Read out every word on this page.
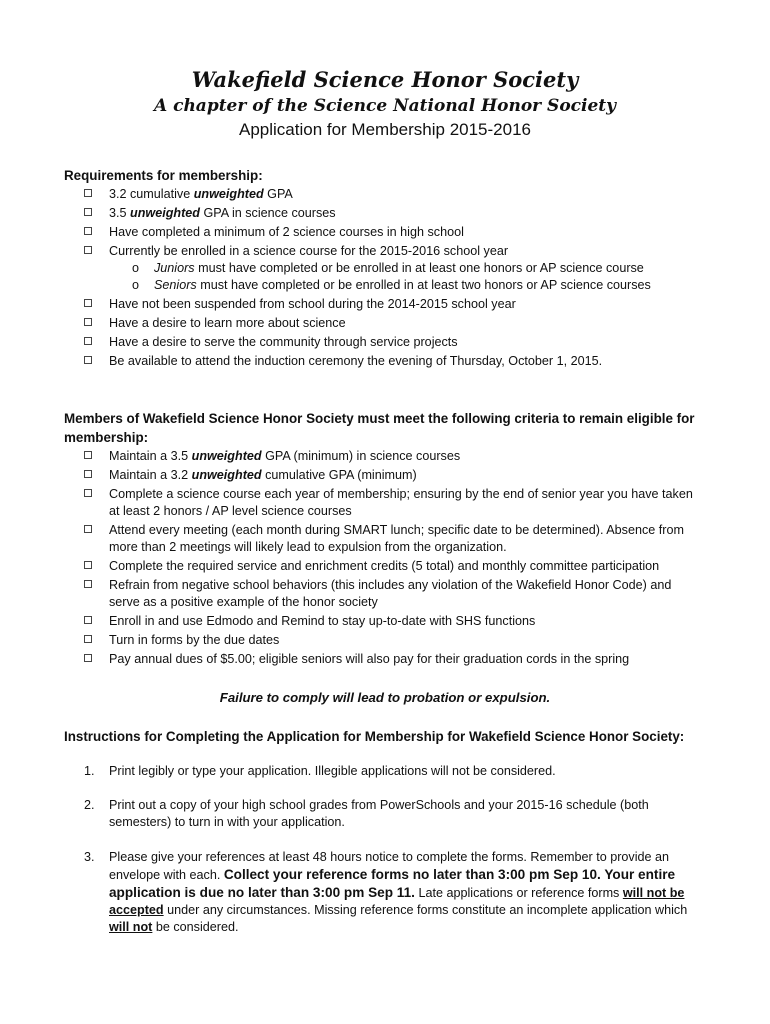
Wakefield Science Honor Society

A chapter of the Science National Honor Society

Application for Membership 2015-2016

Requirements for membership:
3.2 cumulative unweighted GPA
3.5 unweighted GPA in science courses
Have completed a minimum of 2 science courses in high school
Currently be enrolled in a science course for the 2015-2016 school year
o Juniors must have completed or be enrolled in at least one honors or AP science course
o Seniors must have completed or be enrolled in at least two honors or AP science courses
Have not been suspended from school during the 2014-2015 school year
Have a desire to learn more about science
Have a desire to serve the community through service projects
Be available to attend the induction ceremony the evening of Thursday, October 1, 2015.
Members of Wakefield Science Honor Society must meet the following criteria to remain eligible for membership:
Maintain a 3.5 unweighted GPA (minimum) in science courses
Maintain a 3.2 unweighted cumulative GPA (minimum)
Complete a science course each year of membership; ensuring by the end of senior year you have taken at least 2 honors / AP level science courses
Attend every meeting (each month during SMART lunch; specific date to be determined). Absence from more than 2 meetings will likely lead to expulsion from the organization.
Complete the required service and enrichment credits (5 total) and monthly committee participation
Refrain from negative school behaviors (this includes any violation of the Wakefield Honor Code) and serve as a positive example of the honor society
Enroll in and use Edmodo and Remind to stay up-to-date with SHS functions
Turn in forms by the due dates
Pay annual dues of $5.00; eligible seniors will also pay for their graduation cords in the spring
Failure to comply will lead to probation or expulsion.
Instructions for Completing the Application for Membership for Wakefield Science Honor Society:
1. Print legibly or type your application. Illegible applications will not be considered.
2. Print out a copy of your high school grades from PowerSchools and your 2015-16 schedule (both semesters) to turn in with your application.
3. Please give your references at least 48 hours notice to complete the forms. Remember to provide an envelope with each. Collect your reference forms no later than 3:00 pm Sep 10. Your entire application is due no later than 3:00 pm Sep 11. Late applications or reference forms will not be accepted under any circumstances. Missing reference forms constitute an incomplete application which will not be considered.
